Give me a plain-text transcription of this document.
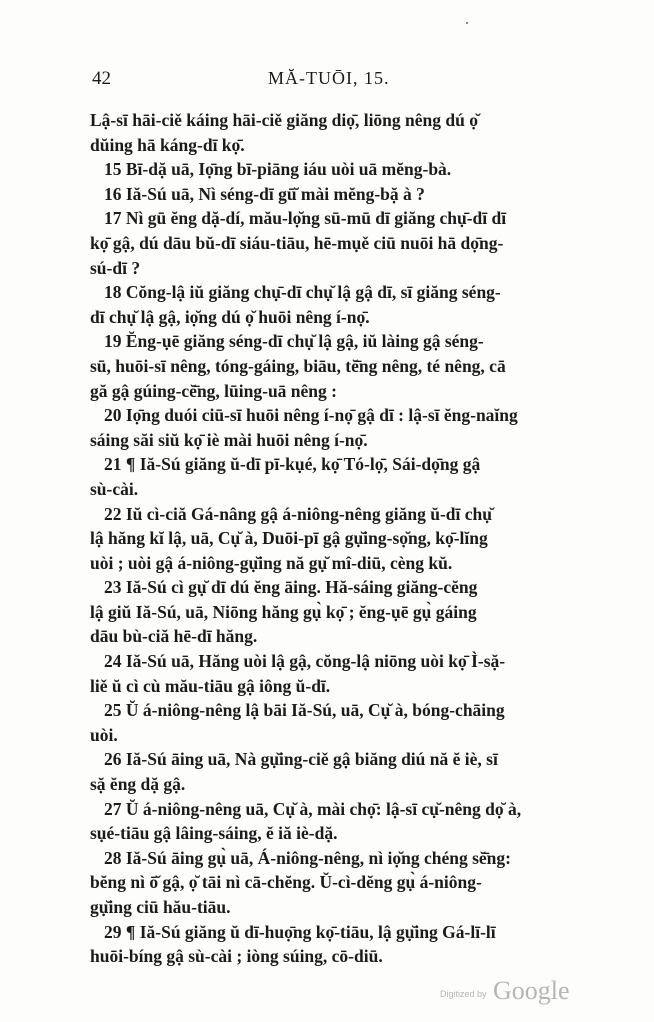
42	MĂ-TUŌI, 15.
Lậ-sī hāi-ciě káing hāi-ciě giăng diọ̄, liōng nêng dú ọ̆
dŭing hā káng-dī kọ̄.
15 Bī-dặ uā, Iọ̄ng bī-piāng iáu uòi uā mĕng-bà.
16 Iă-Sú uā, Nì séng-dī gū̆ mài mĕng-bặ à ?
17 Nì gū ĕng dặ-dí, mău-lọ̆ng sū-mū dī giăng chụ̄-dī dī
kọ̄ gậ, dú dāu bŭ-dī siáu-tiāu, hē-mụě ciū nuōi hā dọ̄ng-
sú-dī ?
18 Cŏng-lậ iŭ giăng chụ̄-dī chụ̆ lậ gậ dī, sī giăng séng-
dī chụ̆ lậ gậ, iọ̆ng dú ọ̆ huōi nêng í-nọ̄.
19 Ĕng-ụē giăng séng-dī chụ̆ lậ gậ, iŭ làing gậ séng-
sū, huōi-sī nêng, tóng-gáing, biāu, tĕ̄ng nêng, té nêng, cā
gă gậ gúing-cĕ̄ng, lūing-uā nêng :
20 Iọ̄ng duói ciū-sī huōi nêng í-nọ̄ gậ dī : lậ-sī ĕng-naĭng
sáing săi siŭ kọ̄ iè mài huōi nêng í-nọ̄.
21 ¶ Iă-Sú giăng ŭ-dī pī-kụé, kọ̄ Tó-lọ̄, Sái-dọ̄ng gậ
sù-cài.
22 Iŭ cì-ciă Gá-nâng gậ á-niông-nêng giăng ŭ-dī chụ̆
lậ hăng kĭ lậ, uā, Cụ̆ à, Duōi-pī gậ gụ̆ing-sọ̆ng, kọ̄-lĭng
uòi ; uòi gậ á-niông-gụ̆ing nă gụ̆ mî-diū, cèng kŭ.
23 Iă-Sú cì gụ̆ dī dú ĕng āing. Hă-sáing giăng-cĕng
lậ giŭ Iă-Sú, uā, Niōng hăng gụ̀ kọ̄ ; ĕng-ụē gụ̀ gáing
dāu bù-ciă hē-dī hăng.
24 Iă-Sú uā, Hăng uòi lậ gậ, cŏng-lậ niōng uòi kọ̄ Ì-sặ-
liě ŭ cì cù mău-tiāu gậ iông ŭ-dī.
25 Ŭ á-niông-nêng lậ bāi Iă-Sú, uā, Cụ̆ à, bóng-chāing
uòi.
26 Iă-Sú āing uā, Nà gụ̆ing-ciě gậ biăng diú nă ĕ iè, sī
sặ ĕng dặ gậ.
27 Ŭ á-niông-nêng uā, Cụ̆ à, mài chọ̄: lậ-sī cụ̆-nêng dọ̆ à,
sụé-tiāu gậ lâing-sáing, ĕ iă iè-dặ.
28 Iă-Sú āing gụ̀ uā, Á-niông-nêng, nì iọ̆ng chéng sĕ̄ng:
bĕng nì ō̆ gậ, ọ̆ tāi nì cā-chĕng. Ŭ-cì-dĕng gụ̀ á-niông-
gụ̆ing ciū hău-tiāu.
29 ¶ Iă-Sú giăng ŭ dī-huọ̄ng kọ̄-tiāu, lậ gụ̆ing Gá-lī-lī
huōi-bíng gậ sù-cài ; iòng súing, cō-diū.
Digitized by Google
